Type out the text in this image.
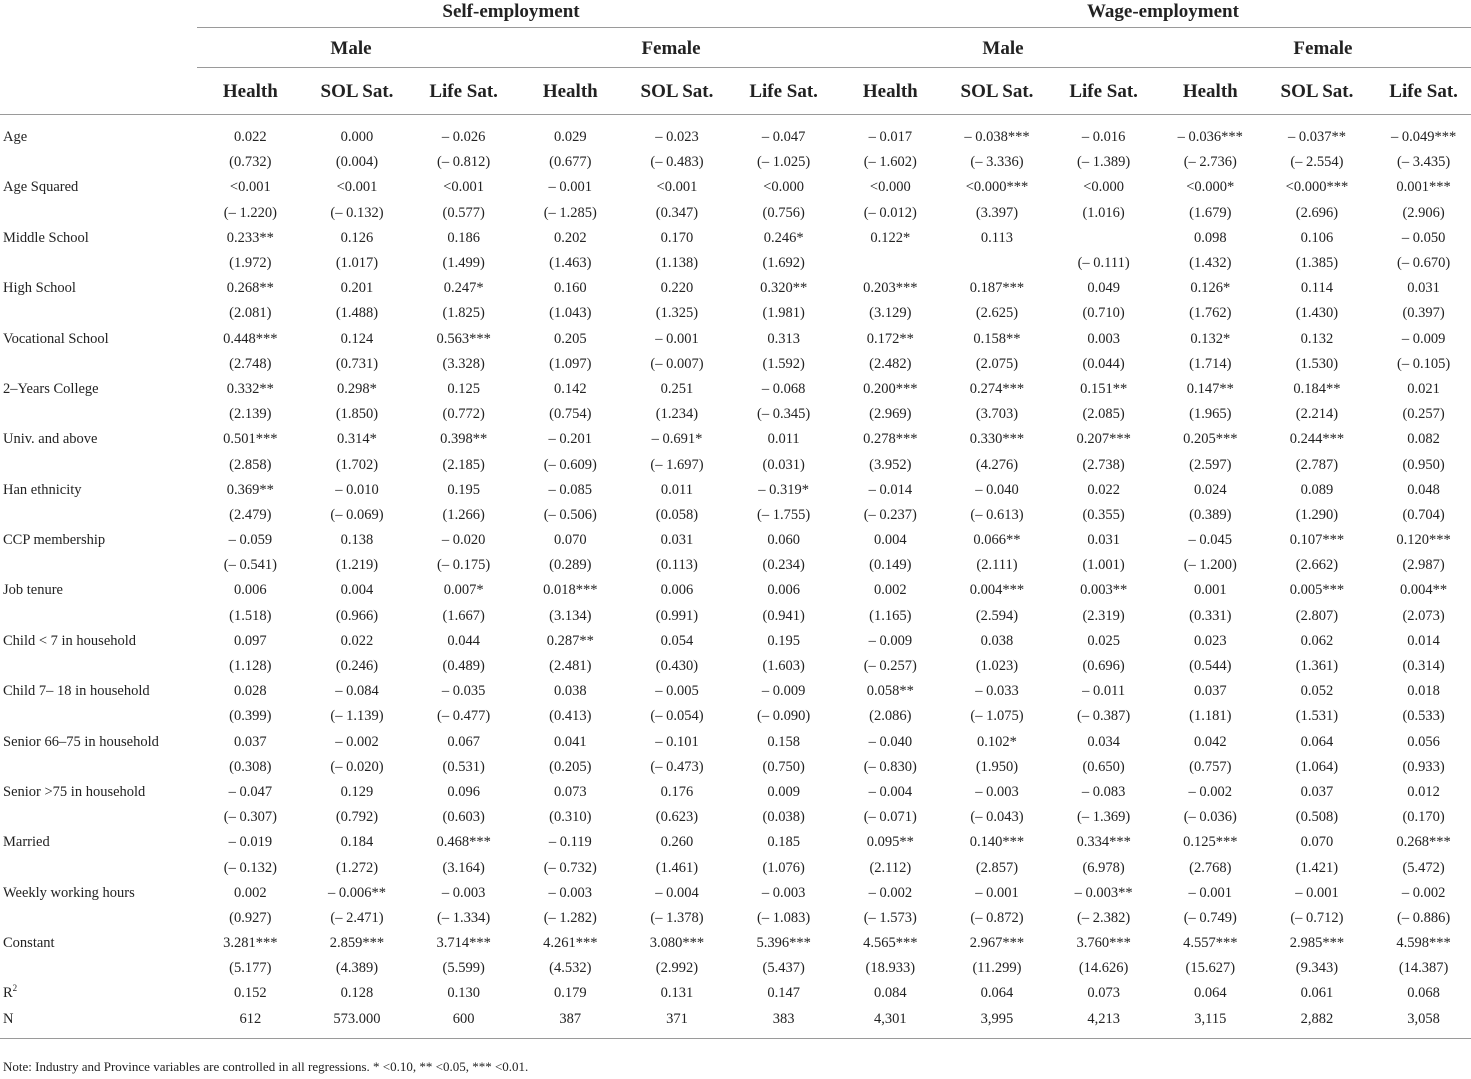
	Self-employment						Wage-employment					
	Male			Female			Male			Female		
	Health	SOL Sat.	Life Sat.	Health	SOL Sat.	Life Sat.	Health	SOL Sat.	Life Sat.	Health	SOL Sat.	Life Sat.
Age	0.022	0.000	– 0.026	0.029	– 0.023	– 0.047	– 0.017	– 0.038***	– 0.016	– 0.036***	– 0.037**	– 0.049***
	(0.732)	(0.004)	(– 0.812)	(0.677)	(– 0.483)	(– 1.025)	(– 1.602)	(– 3.336)	(– 1.389)	(– 2.736)	(– 2.554)	(– 3.435)
Age Squared	<0.001	<0.001	<0.001	– 0.001	<0.001	<0.000	<0.000	<0.000***	<0.000	<0.000*	<0.000***	0.001***
	(– 1.220)	(– 0.132)	(0.577)	(– 1.285)	(0.347)	(0.756)	(– 0.012)	(3.397)	(1.016)	(1.679)	(2.696)	(2.906)
Middle School	0.233**	0.126	0.186	0.202	0.170	0.246*	0.122*	0.113		0.098	0.106	– 0.050
	(1.972)	(1.017)	(1.499)	(1.463)	(1.138)	(1.692)			(– 0.111)	(1.432)	(1.385)	(– 0.670)
High School	0.268**	0.201	0.247*	0.160	0.220	0.320**	0.203***	0.187***	0.049	0.126*	0.114	0.031
	(2.081)	(1.488)	(1.825)	(1.043)	(1.325)	(1.981)	(3.129)	(2.625)	(0.710)	(1.762)	(1.430)	(0.397)
Vocational School	0.448***	0.124	0.563***	0.205	– 0.001	0.313	0.172**	0.158**	0.003	0.132*	0.132	– 0.009
	(2.748)	(0.731)	(3.328)	(1.097)	(– 0.007)	(1.592)	(2.482)	(2.075)	(0.044)	(1.714)	(1.530)	(– 0.105)
2–Years College	0.332**	0.298*	0.125	0.142	0.251	– 0.068	0.200***	0.274***	0.151**	0.147**	0.184**	0.021
	(2.139)	(1.850)	(0.772)	(0.754)	(1.234)	(– 0.345)	(2.969)	(3.703)	(2.085)	(1.965)	(2.214)	(0.257)
Univ. and above	0.501***	0.314*	0.398**	– 0.201	– 0.691*	0.011	0.278***	0.330***	0.207***	0.205***	0.244***	0.082
	(2.858)	(1.702)	(2.185)	(– 0.609)	(– 1.697)	(0.031)	(3.952)	(4.276)	(2.738)	(2.597)	(2.787)	(0.950)
Han ethnicity	0.369**	– 0.010	0.195	– 0.085	0.011	– 0.319*	– 0.014	– 0.040	0.022	0.024	0.089	0.048
	(2.479)	(– 0.069)	(1.266)	(– 0.506)	(0.058)	(– 1.755)	(– 0.237)	(– 0.613)	(0.355)	(0.389)	(1.290)	(0.704)
CCP membership	– 0.059	0.138	– 0.020	0.070	0.031	0.060	0.004	0.066**	0.031	– 0.045	0.107***	0.120***
	(– 0.541)	(1.219)	(– 0.175)	(0.289)	(0.113)	(0.234)	(0.149)	(2.111)	(1.001)	(– 1.200)	(2.662)	(2.987)
Job tenure	0.006	0.004	0.007*	0.018***	0.006	0.006	0.002	0.004***	0.003**	0.001	0.005***	0.004**
	(1.518)	(0.966)	(1.667)	(3.134)	(0.991)	(0.941)	(1.165)	(2.594)	(2.319)	(0.331)	(2.807)	(2.073)
Child < 7 in household	0.097	0.022	0.044	0.287**	0.054	0.195	– 0.009	0.038	0.025	0.023	0.062	0.014
	(1.128)	(0.246)	(0.489)	(2.481)	(0.430)	(1.603)	(– 0.257)	(1.023)	(0.696)	(0.544)	(1.361)	(0.314)
Child 7– 18 in household	0.028	– 0.084	– 0.035	0.038	– 0.005	– 0.009	0.058**	– 0.033	– 0.011	0.037	0.052	0.018
	(0.399)	(– 1.139)	(– 0.477)	(0.413)	(– 0.054)	(– 0.090)	(2.086)	(– 1.075)	(– 0.387)	(1.181)	(1.531)	(0.533)
Senior 66–75 in household	0.037	– 0.002	0.067	0.041	– 0.101	0.158	– 0.040	0.102*	0.034	0.042	0.064	0.056
	(0.308)	(– 0.020)	(0.531)	(0.205)	(– 0.473)	(0.750)	(– 0.830)	(1.950)	(0.650)	(0.757)	(1.064)	(0.933)
Senior >75 in household	– 0.047	0.129	0.096	0.073	0.176	0.009	– 0.004	– 0.003	– 0.083	– 0.002	0.037	0.012
	(– 0.307)	(0.792)	(0.603)	(0.310)	(0.623)	(0.038)	(– 0.071)	(– 0.043)	(– 1.369)	(– 0.036)	(0.508)	(0.170)
Married	– 0.019	0.184	0.468***	– 0.119	0.260	0.185	0.095**	0.140***	0.334***	0.125***	0.070	0.268***
	(– 0.132)	(1.272)	(3.164)	(– 0.732)	(1.461)	(1.076)	(2.112)	(2.857)	(6.978)	(2.768)	(1.421)	(5.472)
Weekly working hours	0.002	– 0.006**	– 0.003	– 0.003	– 0.004	– 0.003	– 0.002	– 0.001	– 0.003**	– 0.001	– 0.001	– 0.002
	(0.927)	(– 2.471)	(– 1.334)	(– 1.282)	(– 1.378)	(– 1.083)	(– 1.573)	(– 0.872)	(– 2.382)	(– 0.749)	(– 0.712)	(– 0.886)
Constant	3.281***	2.859***	3.714***	4.261***	3.080***	5.396***	4.565***	2.967***	3.760***	4.557***	2.985***	4.598***
	(5.177)	(4.389)	(5.599)	(4.532)	(2.992)	(5.437)	(18.933)	(11.299)	(14.626)	(15.627)	(9.343)	(14.387)
$R^2$	0.152	0.128	0.130	0.179	0.131	0.147	0.084	0.064	0.073	0.064	0.061	0.068
N	612	573.000	600	387	371	383	4,301	3,995	4,213	3,115	2,882	3,058
Note: Industry and Province variables are controlled in all regressions. * <0.10, ** <0.05, *** <0.01.
